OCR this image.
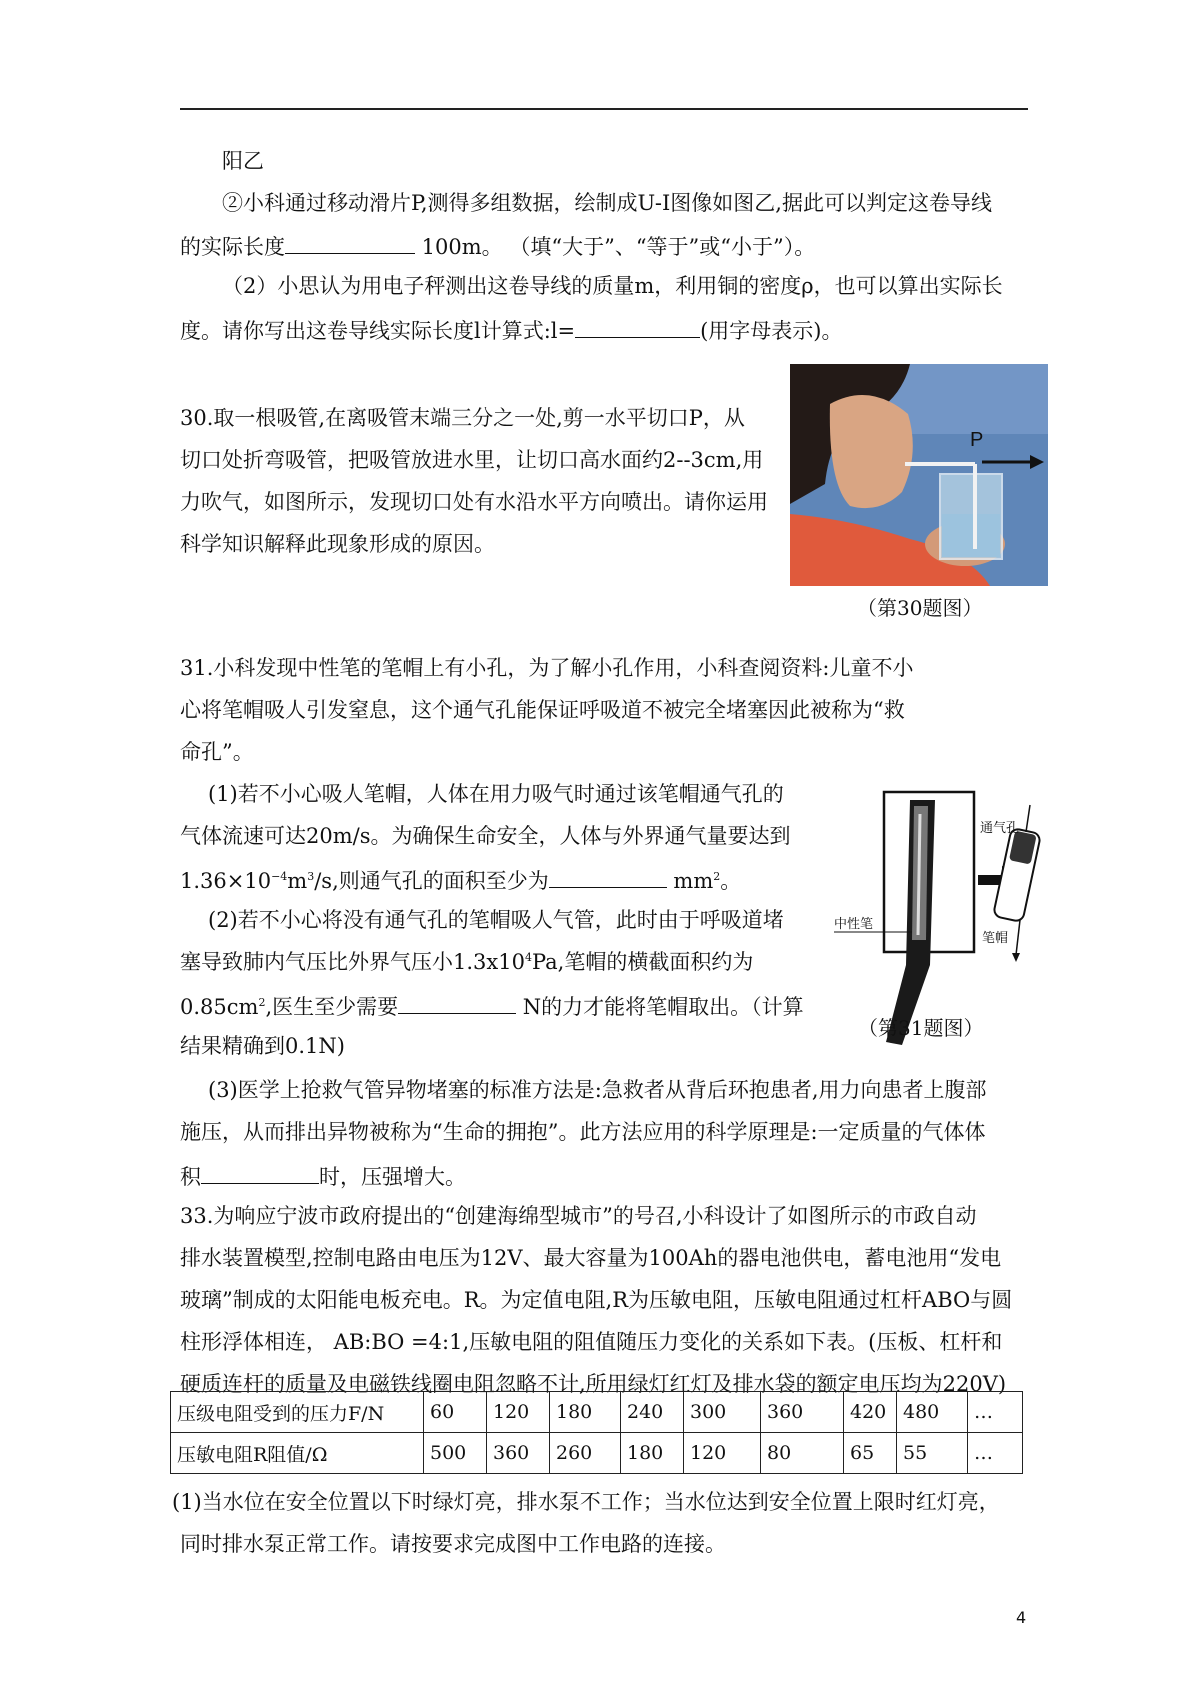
阳乙
②小科通过移动滑片P,测得多组数据，绘制成U-I图像如图乙,据此可以判定这卷导线
的实际长度	100m。 （填“大于”、“等于”或“小于”）。
（2）小思认为用电子秤测出这卷导线的质量m，利用铜的密度ρ，也可以算出实际长
度。请你写出这卷导线实际长度l计算式:l=	(用字母表示)。
30.取一根吸管,在离吸管末端三分之一处,剪一水平切口P，从
切口处折弯吸管，把吸管放进水里，让切口高水面约2--3cm,用
力吹气，如图所示，发现切口处有水沿水平方向喷出。请你运用
科学知识解释此现象形成的原因。
P
（第30题图）
31.小科发现中性笔的笔帽上有小孔，为了解小孔作用，小科查阅资料:儿童不小
心将笔帽吸人引发窒息，这个通气孔能保证呼吸道不被完全堵塞因此被称为“救
命孔”。
(1)若不小心吸人笔帽，人体在用力吸气时通过该笔帽通气孔的
气体流速可达20m/s。为确保生命安全，人体与外界通气量要达到
$1.36\times 10^{-4}m^3/s$,则通气孔的面积至少为	$mm^2$。
(2)若不小心将没有通气孔的笔帽吸人气管，此时由于呼吸道堵
塞导致肺内气压比外界气压小$1.3x10^4Pa$,笔帽的横截面积约为
$0.85cm^2$,医生至少需要	N的力才能将笔帽取出。（计算
结果精确到0.1N)
(3)医学上抢救气管异物堵塞的标准方法是:急救者从背后环抱患者,用力向患者上腹部
施压，从而排出异物被称为“生命的拥抱”。此方法应用的科学原理是:一定质量的气体体
积	时，压强增大。
通气孔
笔帽
中性笔
（第31题图）
33.为响应宁波市政府提出的“创建海绵型城市”的号召,小科设计了如图所示的市政自动
排水装置模型,控制电路由电压为12V、最大容量为100Ah的器电池供电，蓄电池用“发电
玻璃”制成的太阳能电板充电。R。为定值电阻,R为压敏电阻，压敏电阻通过杠杆ABO与圆
柱形浮体相连， AB:BO =4:1,压敏电阻的阻值随压力变化的关系如下表。(压板、杠杆和
硬质连杆的质量及电磁铁线圈电阻忽略不计,所用绿灯红灯及排水袋的额定电压均为220V)
压级电阻受到的压力F/N	60	120	180	240	300	360	420	480	…
压敏电阻R阻值/Ω	500	360	260	180	120	80	65	55	…
(1)当水位在安全位置以下时绿灯亮，排水泵不工作；当水位达到安全位置上限时红灯亮，
同时排水泵正常工作。请按要求完成图中工作电路的连接。
4
